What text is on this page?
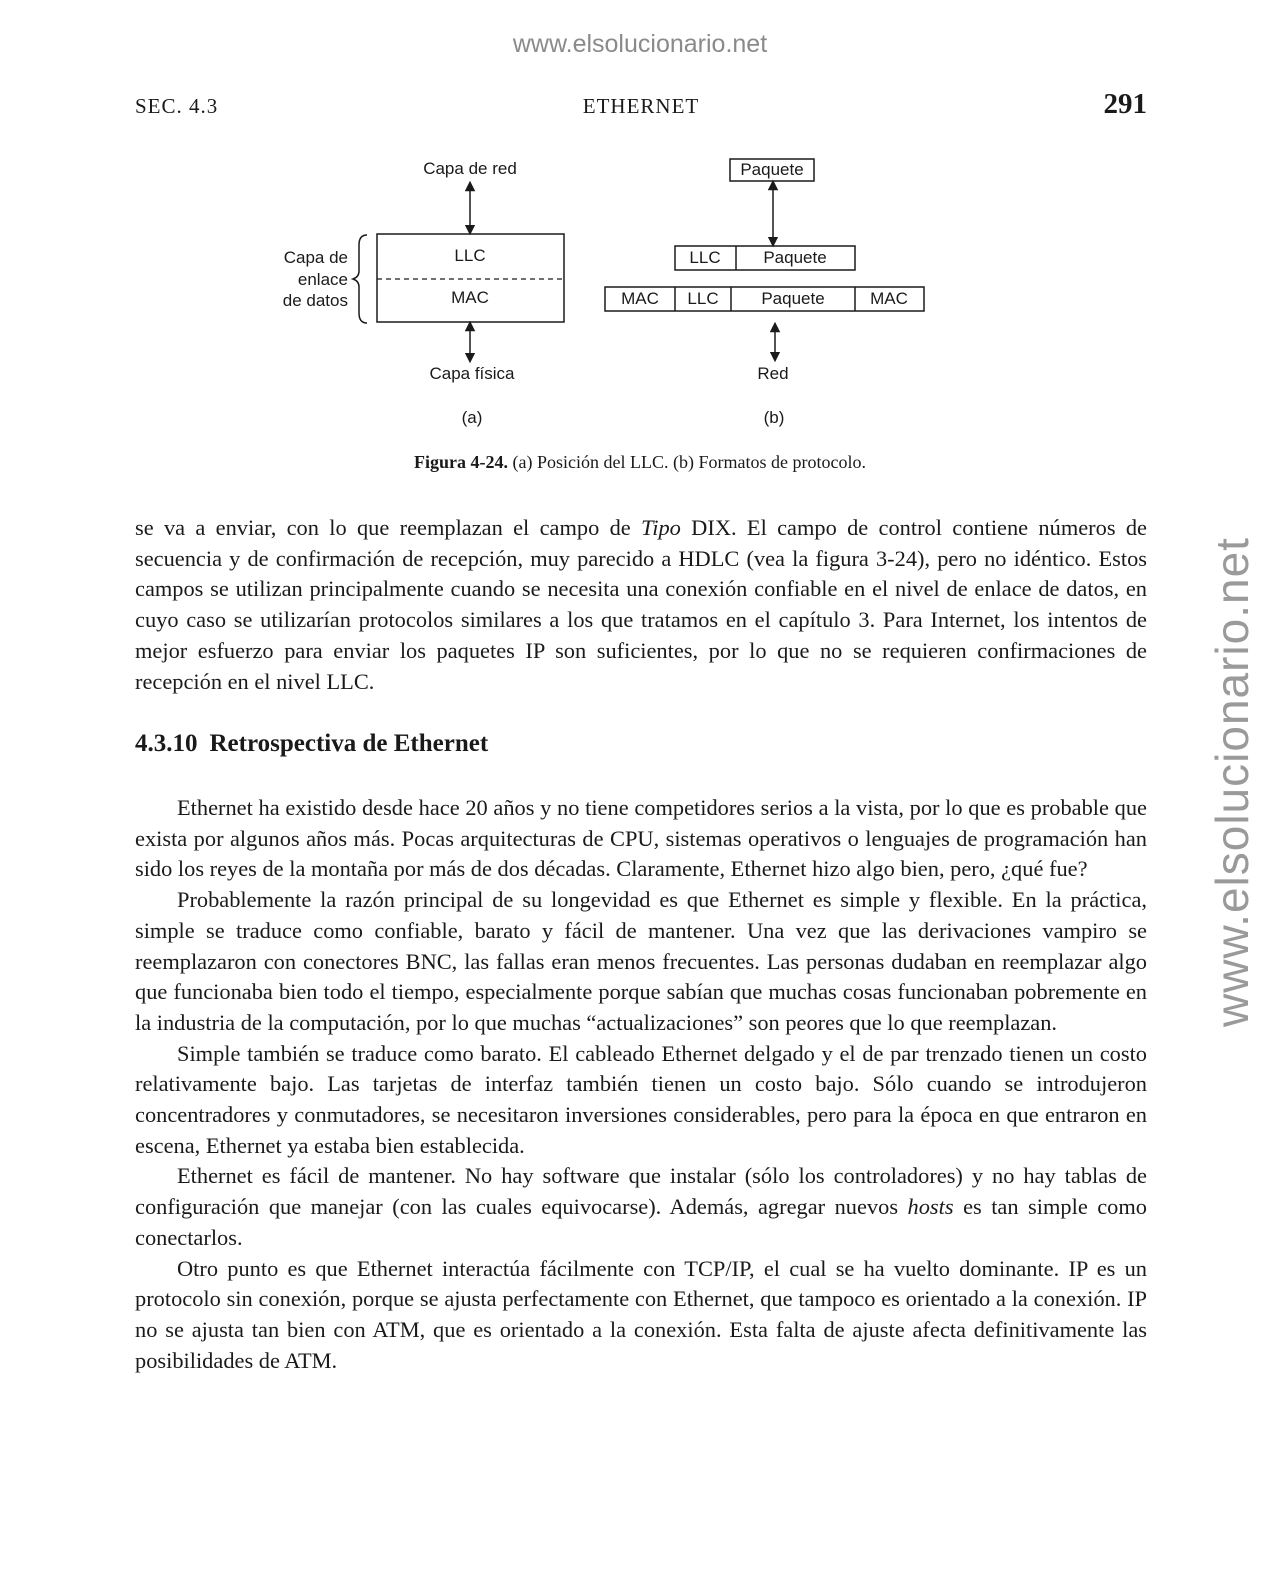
www.elsolucionario.net
www.elsolucionario.net
SEC. 4.3	ETHERNET	291
Capa de red
Capa de
enlace
de datos
LLC
MAC
Capa física
(a)
Paquete
LLC	Paquete
MAC LLC	Paquete	MAC
Red
(b)
Figura 4-24. (a) Posición del LLC. (b) Formatos de protocolo.

se va a enviar, con lo que reemplazan el campo de Tipo DIX. El campo de control contiene números de secuencia y de confirmación de recepción, muy parecido a HDLC (vea la figura 3-24), pero no idéntico. Estos campos se utilizan principalmente cuando se necesita una conexión confiable en el nivel de enlace de datos, en cuyo caso se utilizarían protocolos similares a los que tratamos en el capítulo 3. Para Internet, los intentos de mejor esfuerzo para enviar los paquetes IP son suficientes, por lo que no se requieren confirmaciones de recepción en el nivel LLC.

4.3.10 Retrospectiva de Ethernet

Ethernet ha existido desde hace 20 años y no tiene competidores serios a la vista, por lo que es probable que exista por algunos años más. Pocas arquitecturas de CPU, sistemas operativos o lenguajes de programación han sido los reyes de la montaña por más de dos décadas. Claramente, Ethernet hizo algo bien, pero, ¿qué fue?

Probablemente la razón principal de su longevidad es que Ethernet es simple y flexible. En la práctica, simple se traduce como confiable, barato y fácil de mantener. Una vez que las derivaciones vampiro se reemplazaron con conectores BNC, las fallas eran menos frecuentes. Las personas dudaban en reemplazar algo que funcionaba bien todo el tiempo, especialmente porque sabían que muchas cosas funcionaban pobremente en la industria de la computación, por lo que muchas “actualizaciones” son peores que lo que reemplazan.

Simple también se traduce como barato. El cableado Ethernet delgado y el de par trenzado tienen un costo relativamente bajo. Las tarjetas de interfaz también tienen un costo bajo. Sólo cuando se introdujeron concentradores y conmutadores, se necesitaron inversiones considerables, pero para la época en que entraron en escena, Ethernet ya estaba bien establecida.

Ethernet es fácil de mantener. No hay software que instalar (sólo los controladores) y no hay tablas de configuración que manejar (con las cuales equivocarse). Además, agregar nuevos hosts es tan simple como conectarlos.

Otro punto es que Ethernet interactúa fácilmente con TCP/IP, el cual se ha vuelto dominante. IP es un protocolo sin conexión, porque se ajusta perfectamente con Ethernet, que tampoco es orientado a la conexión. IP no se ajusta tan bien con ATM, que es orientado a la conexión. Esta falta de ajuste afecta definitivamente las posibilidades de ATM.
